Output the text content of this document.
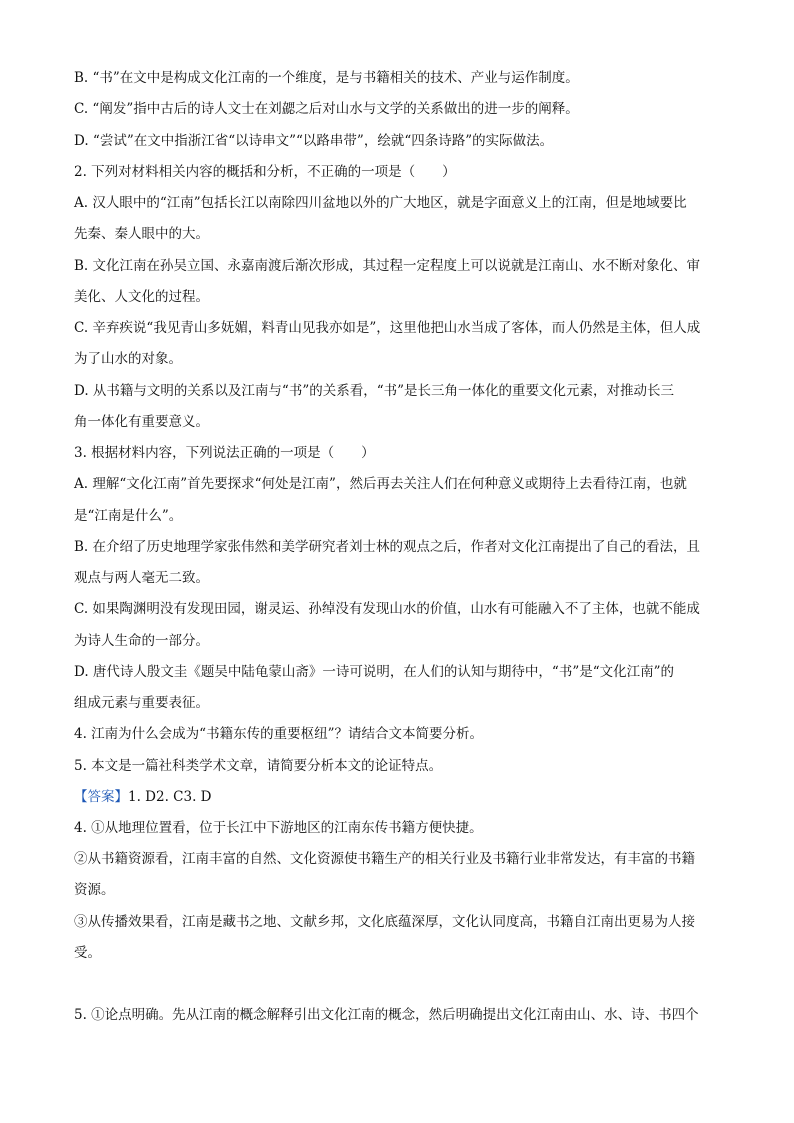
B. “书”在文中是构成文化江南的一个维度，是与书籍相关的技术、产业与运作制度。
C. “阐发”指中古后的诗人文士在刘勰之后对山水与文学的关系做出的进一步的阐释。
D. “尝试”在文中指浙江省“以诗串文”“以路串带”，绘就“四条诗路”的实际做法。
2. 下列对材料相关内容的概括和分析，不正确的一项是（　　）
A. 汉人眼中的“江南”包括长江以南除四川盆地以外的广大地区，就是字面意义上的江南，但是地域要比
先秦、秦人眼中的大。
B. 文化江南在孙吴立国、永嘉南渡后渐次形成，其过程一定程度上可以说就是江南山、水不断对象化、审
美化、人文化的过程。
C. 辛弃疾说“我见青山多妩媚，料青山见我亦如是”，这里他把山水当成了客体，而人仍然是主体，但人成
为了山水的对象。
D. 从书籍与文明的关系以及江南与“书”的关系看，“书”是长三角一体化的重要文化元素，对推动长三
角一体化有重要意义。
3. 根据材料内容，下列说法正确的一项是（　　）
A. 理解“文化江南”首先要探求“何处是江南”，然后再去关注人们在何种意义或期待上去看待江南，也就
是“江南是什么”。
B. 在介绍了历史地理学家张伟然和美学研究者刘士林的观点之后，作者对文化江南提出了自己的看法，且
观点与两人毫无二致。
C. 如果陶渊明没有发现田园，谢灵运、孙绰没有发现山水的价值，山水有可能融入不了主体，也就不能成
为诗人生命的一部分。
D. 唐代诗人殷文圭《题吴中陆龟蒙山斋》一诗可说明，在人们的认知与期待中，“书”是“文化江南”的
组成元素与重要表征。
4. 江南为什么会成为“书籍东传的重要枢纽”？请结合文本简要分析。
5. 本文是一篇社科类学术文章，请简要分析本文的论证特点。
【答案】1. D2. C3. D
4. ①从地理位置看，位于长江中下游地区的江南东传书籍方便快捷。
②从书籍资源看，江南丰富的自然、文化资源使书籍生产的相关行业及书籍行业非常发达，有丰富的书籍
资源。
③从传播效果看，江南是藏书之地、文献乡邦，文化底蕴深厚，文化认同度高，书籍自江南出更易为人接
受。
5. ①论点明确。先从江南的概念解释引出文化江南的概念，然后明确提出文化江南由山、水、诗、书四个
